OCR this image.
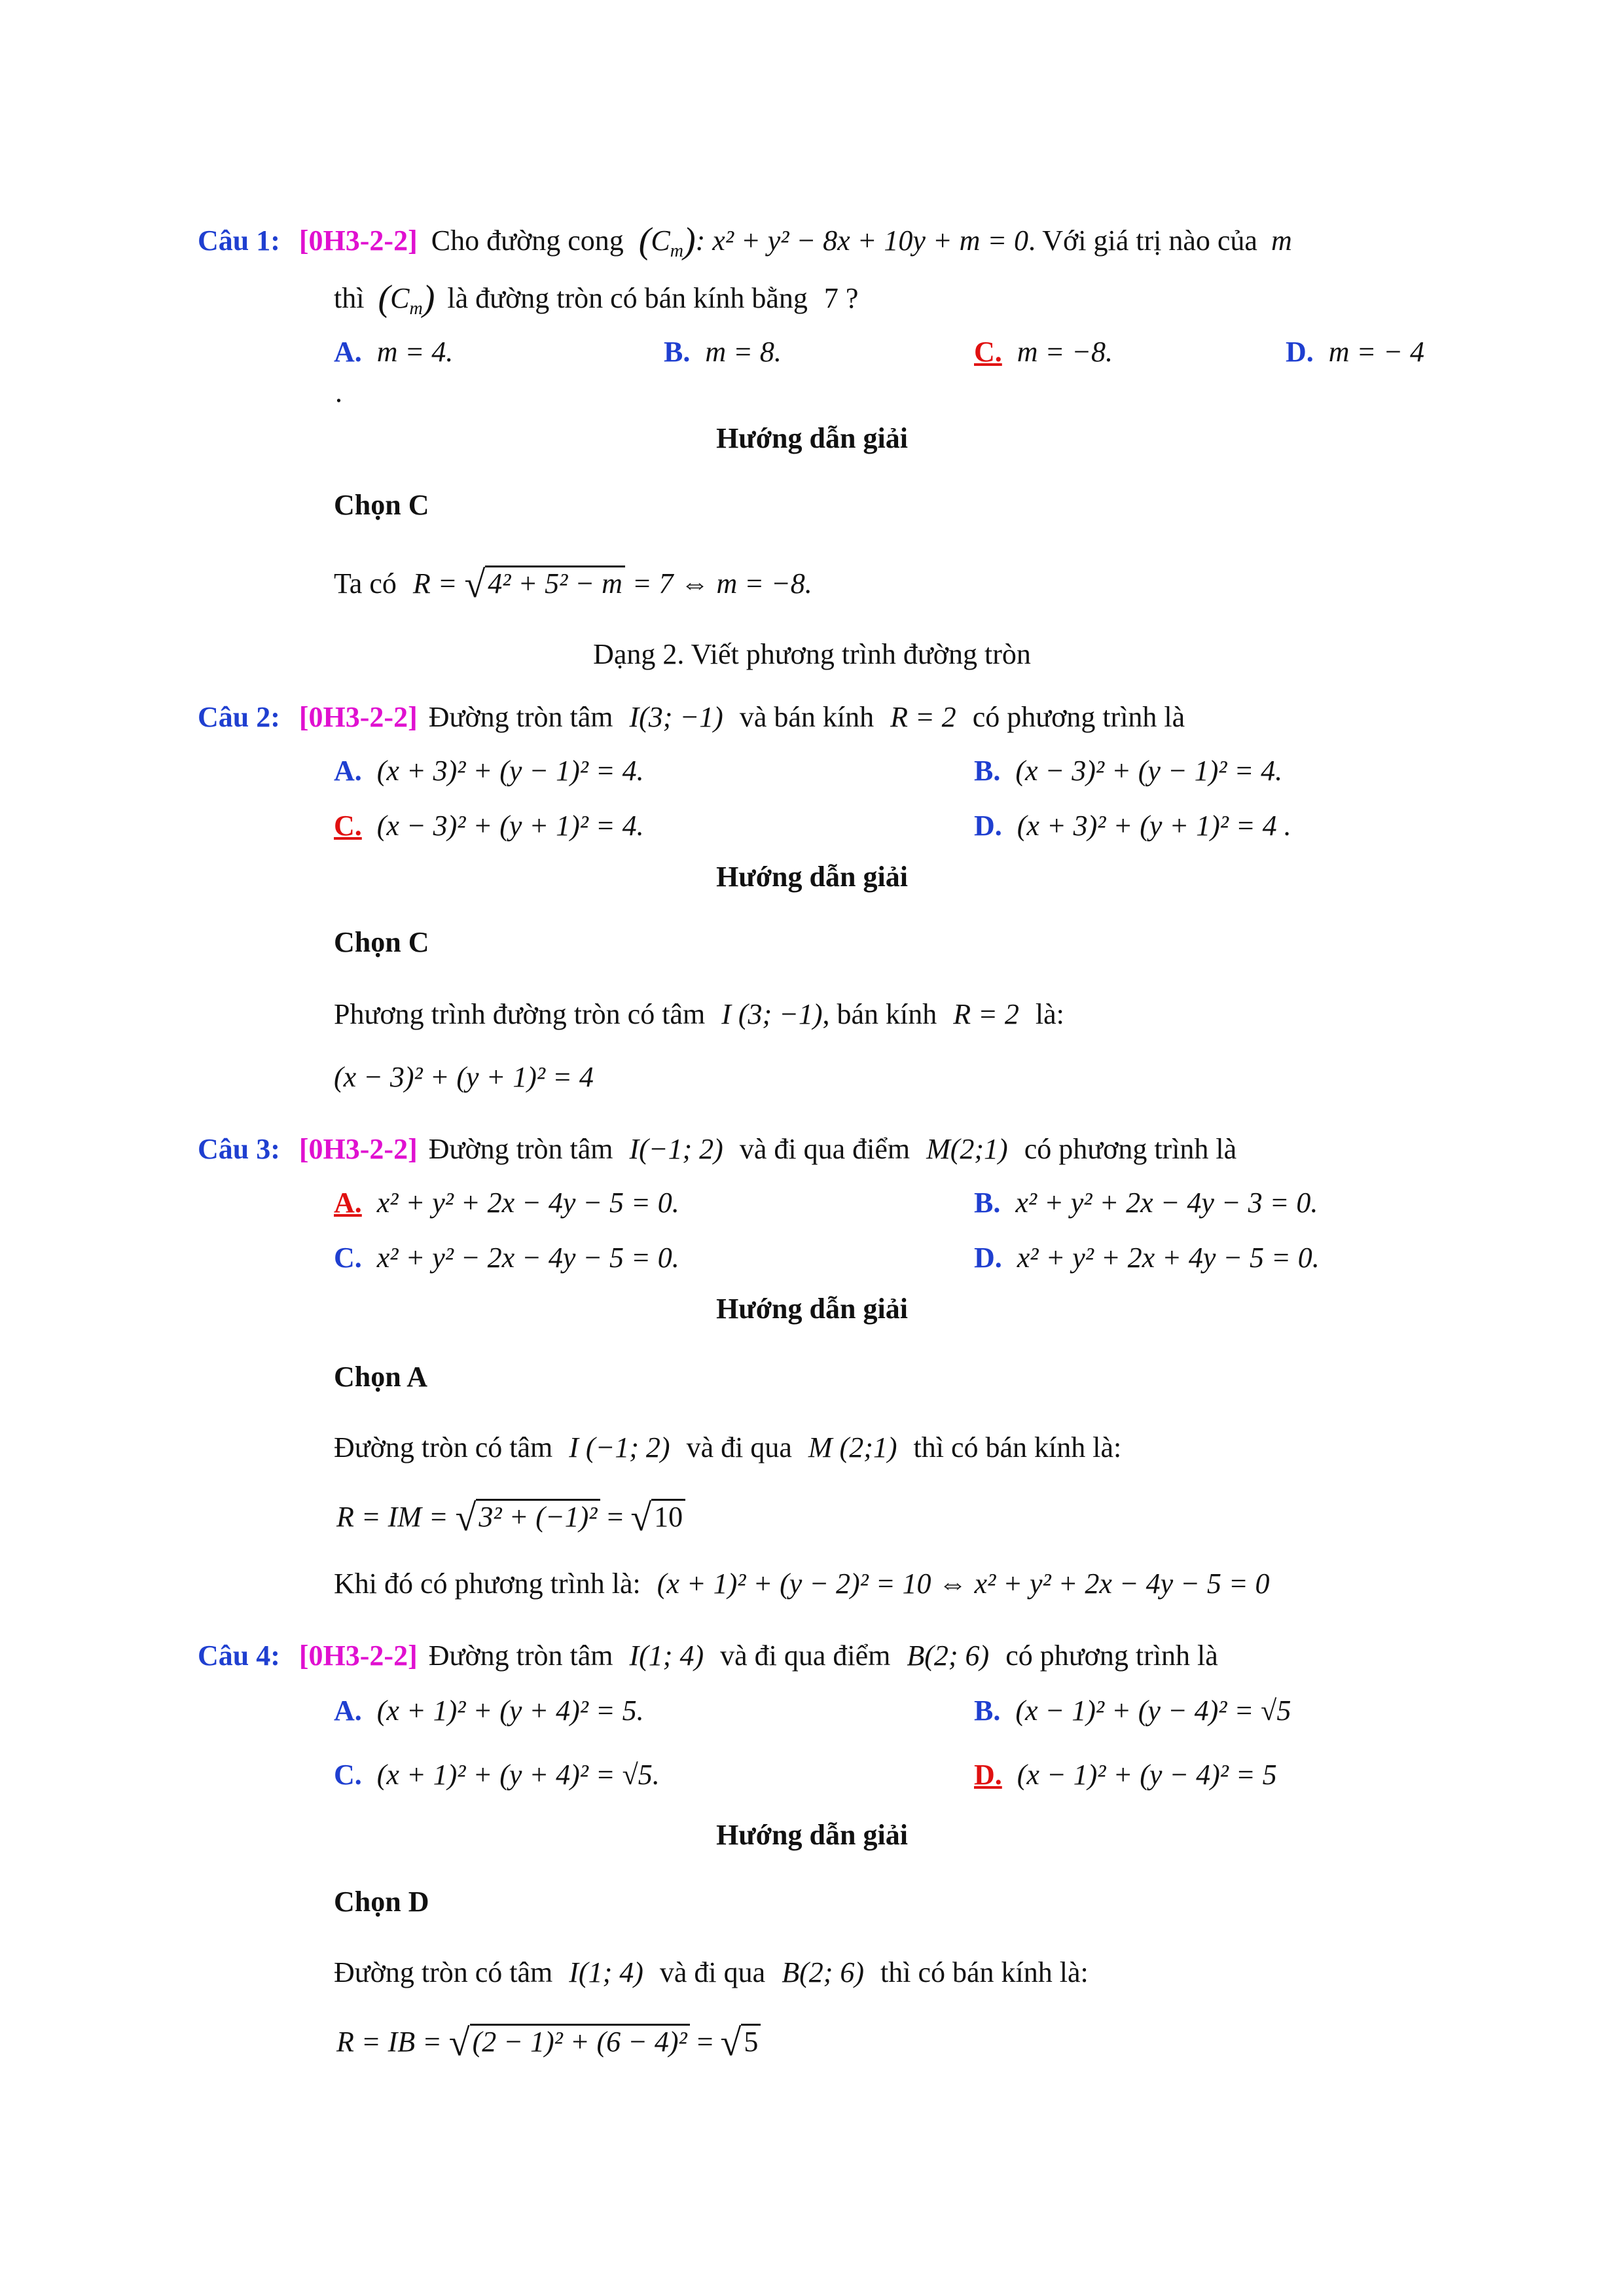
Câu 1: [0H3-2-2] Cho đường cong $(C_m)$: x² + y² − 8x + 10y + m = 0. Với giá trị nào của m
thì $(C_m)$ là đường tròn có bán kính bằng 7 ?
A. m = 4.	B. m = 8.	C. m = −8.	D. m = − 4
.
Hướng dẫn giải
Chọn C
Ta có R = √4² + 5² − m = 7 ⇔ m = −8.
Dạng 2. Viết phương trình đường tròn
Câu 2: [0H3-2-2] Đường tròn tâm I(3; −1) và bán kính R = 2 có phương trình là
A. (x + 3)² + (y − 1)² = 4.	B. (x − 3)² + (y − 1)² = 4.
C. (x − 3)² + (y + 1)² = 4.	D. (x + 3)² + (y + 1)² = 4 .
Hướng dẫn giải
Chọn C
Phương trình đường tròn có tâm I (3; −1), bán kính R = 2 là:
(x − 3)² + (y + 1)² = 4
Câu 3: [0H3-2-2] Đường tròn tâm I(−1; 2) và đi qua điểm M(2;1) có phương trình là
A. x² + y² + 2x − 4y − 5 = 0.	B. x² + y² + 2x − 4y − 3 = 0.
C. x² + y² − 2x − 4y − 5 = 0.	D. x² + y² + 2x + 4y − 5 = 0.
Hướng dẫn giải
Chọn A
Đường tròn có tâm I (−1; 2) và đi qua M (2;1) thì có bán kính là:
R = IM = √3² + (−1)² = √10
Khi đó có phương trình là: (x + 1)² + (y − 2)² = 10 ⇔ x² + y² + 2x − 4y − 5 = 0
Câu 4: [0H3-2-2] Đường tròn tâm I(1; 4) và đi qua điểm B(2; 6) có phương trình là
A. (x + 1)² + (y + 4)² = 5.	B. (x − 1)² + (y − 4)² = √5
C. (x + 1)² + (y + 4)² = √5.	D. (x − 1)² + (y − 4)² = 5
Hướng dẫn giải
Chọn D
Đường tròn có tâm I(1; 4) và đi qua B(2; 6) thì có bán kính là:
R = IB = √(2 − 1)² + (6 − 4)² = √5
